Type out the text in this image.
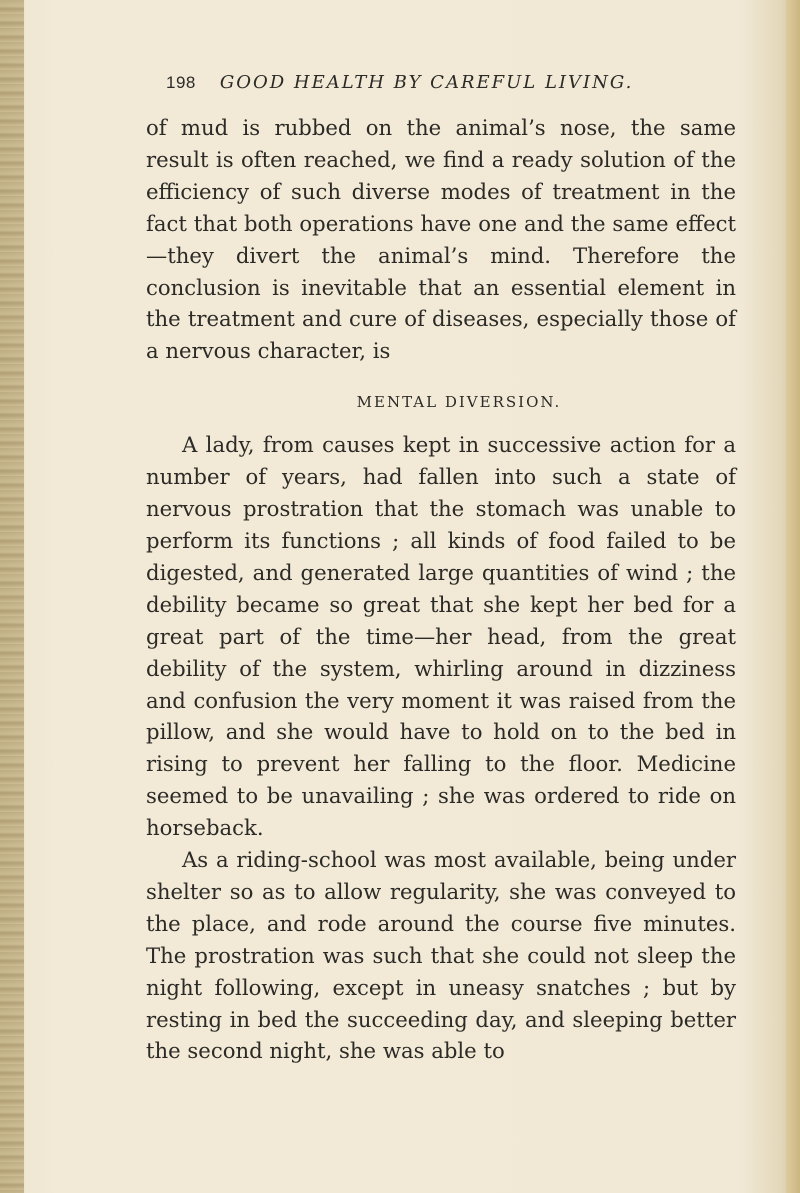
198 GOOD HEALTH BY CAREFUL LIVING.

of mud is rubbed on the animal’s nose, the same result is often reached, we find a ready solution of the efficiency of such diverse modes of treatment in the fact that both operations have one and the same effect—they divert the animal’s mind. Therefore the conclusion is inevitable that an essential element in the treatment and cure of diseases, especially those of a nervous character, is

MENTAL DIVERSION.

A lady, from causes kept in successive action for a number of years, had fallen into such a state of nervous prostration that the stomach was unable to perform its functions ; all kinds of food failed to be digested, and generated large quantities of wind ; the debility became so great that she kept her bed for a great part of the time—her head, from the great debility of the system, whirling around in dizziness and confusion the very moment it was raised from the pillow, and she would have to hold on to the bed in rising to prevent her falling to the floor. Medicine seemed to be unavailing ; she was ordered to ride on horseback.

As a riding-school was most available, being under shelter so as to allow regularity, she was conveyed to the place, and rode around the course five minutes. The prostration was such that she could not sleep the night following, except in uneasy snatches ; but by resting in bed the succeeding day, and sleeping better the second night, she was able to
